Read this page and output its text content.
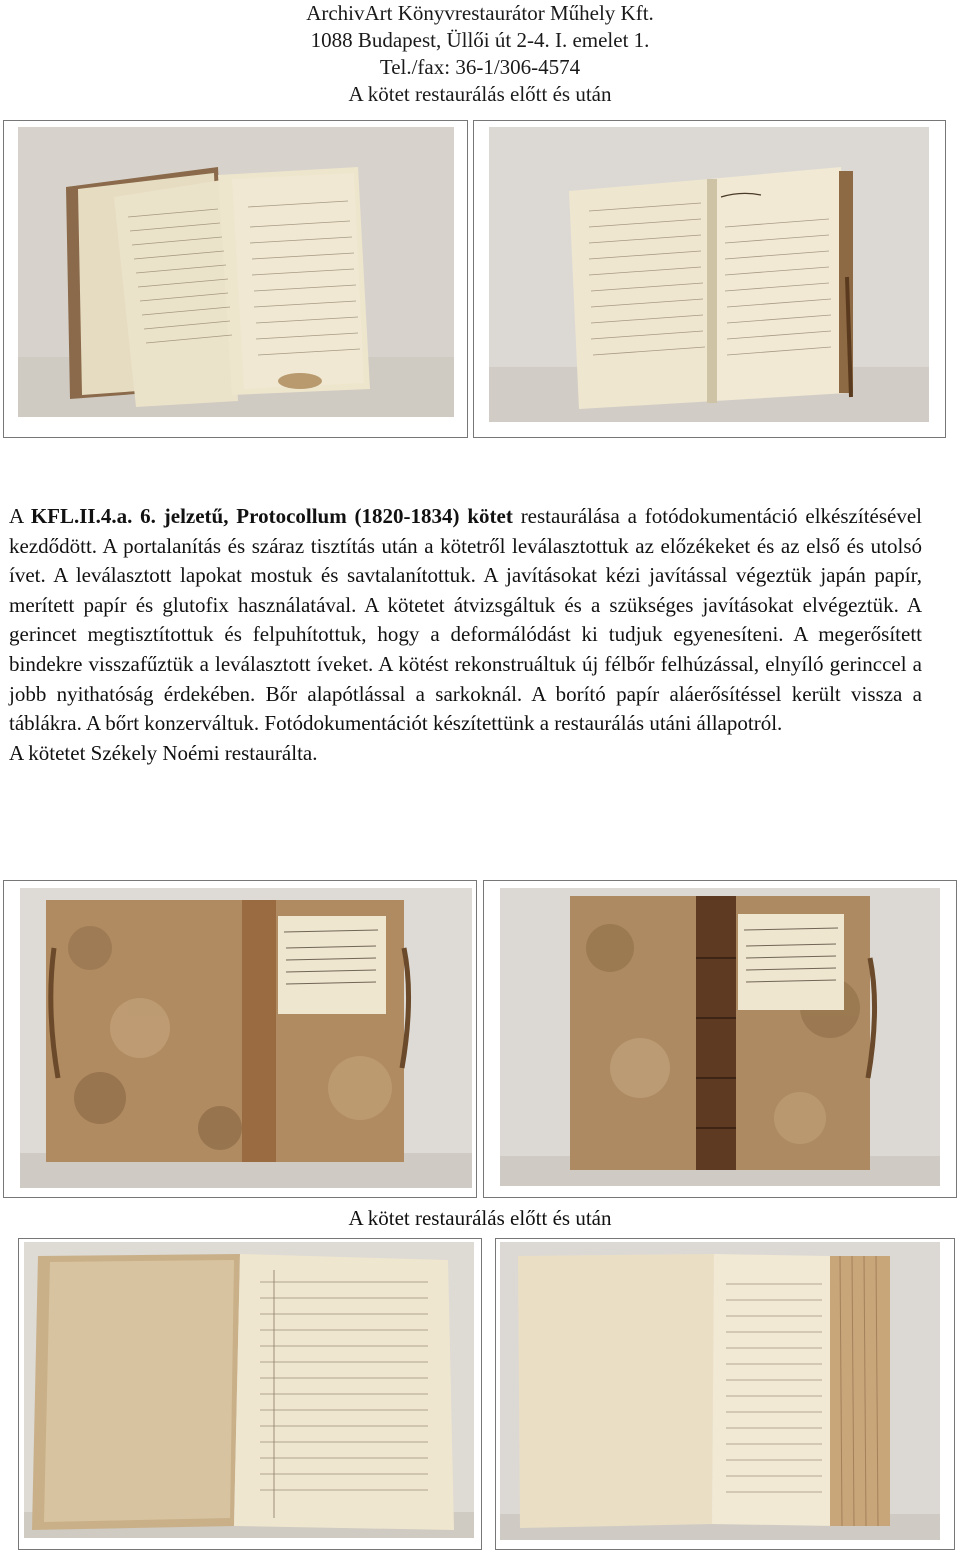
ArchivArt Könyvrestaurátor Műhely Kft.
1088 Budapest, Üllői út 2-4. I. emelet 1.
Tel./fax: 36-1/306-4574
A kötet restaurálás előtt és után

A KFL.II.4.a. 6. jelzetű, Protocollum (1820-1834) kötet restaurálása a fotódokumentáció elkészítésével kezdődött. A portalanítás és száraz tisztítás után a kötetről leválasztottuk az előzékeket és az első és utolsó ívet. A leválasztott lapokat mostuk és savtalanítottuk. A javításokat kézi javítással végeztük japán papír, merített papír és glutofix használatával. A kötetet átvizsgáltuk és a szükséges javításokat elvégeztük. A gerincet megtisztítottuk és felpuhítottuk, hogy a deformálódást ki tudjuk egyenesíteni. A megerősített bindekre visszafűztük a leválasztott íveket. A kötést rekonstruáltuk új félbőr felhúzással, elnyíló gerinccel a jobb nyithatóság érdekében. Bőr alapótlással a sarkoknál. A borító papír aláerősítéssel került vissza a táblákra. A bőrt konzerváltuk. Fotódokumentációt készítettünk a restaurálás utáni állapotról.

A kötetet Székely Noémi restaurálta.

A kötet restaurálás előtt és után
